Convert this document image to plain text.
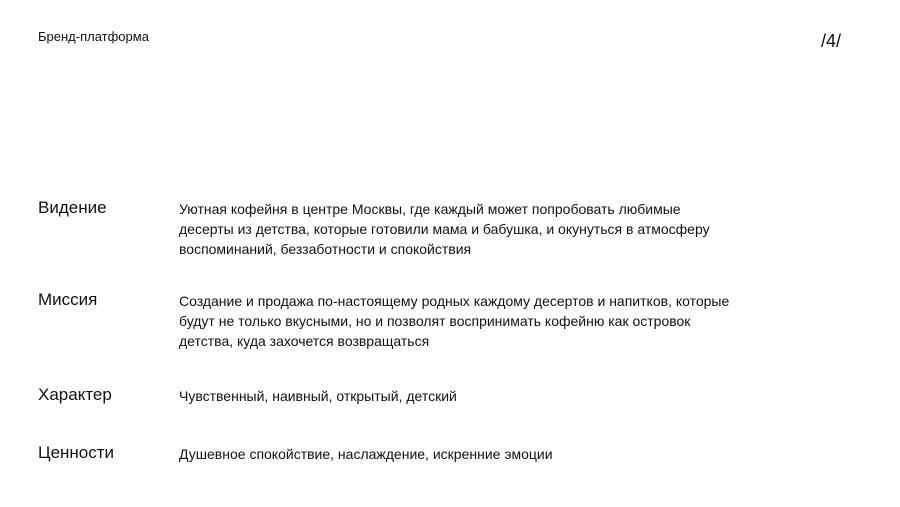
Бренд-платформа	/4/
Видение	Уютная кофейня в центре Москвы, где каждый может попробовать любимые
десерты из детства, которые готовили мама и бабушка, и окунуться в атмосферу
воспоминаний, беззаботности и спокойствия
Миссия	Создание и продажа по-настоящему родных каждому десертов и напитков, которые
будут не только вкусными, но и позволят воспринимать кофейню как островок
детства, куда захочется возвращаться
Характер	Чувственный, наивный, открытый, детский
Ценности	Душевное спокойствие, наслаждение, искренние эмоции
